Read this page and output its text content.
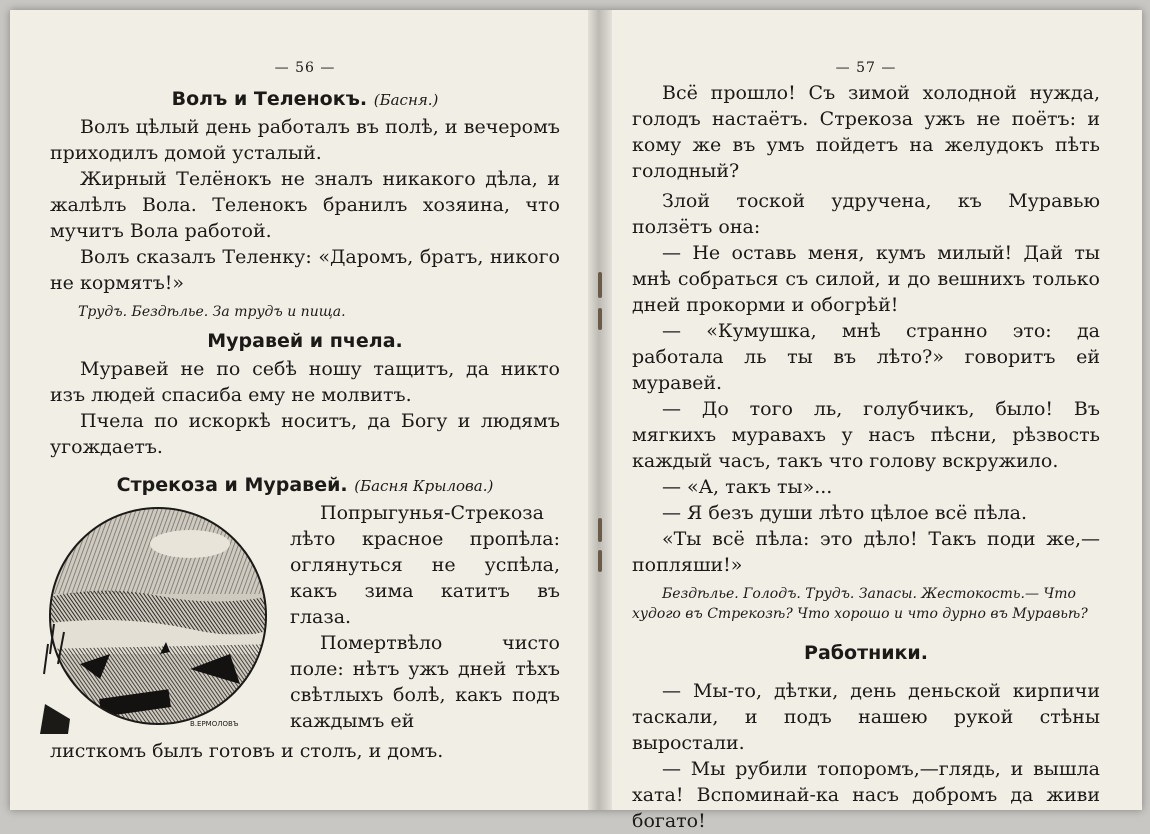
— 56 —
Волъ и Теленокъ. (Басня.)

Волъ цѣлый день работалъ въ полѣ, и вечеромъ приходилъ домой усталый.

Жирный Телёнокъ не зналъ никакого дѣла, и жалѣлъ Вола. Теленокъ бранилъ хозяина, что мучитъ Вола работой.

Волъ сказалъ Теленку: «Даромъ, братъ, никого не кормятъ!»

Трудъ. Бездѣлье. За трудъ и пища.
Муравей и пчела.

Муравей не по себѣ ношу тащитъ, да никто изъ людей спасиба ему не молвитъ.

Пчела по искоркѣ носитъ, да Богу и людямъ угождаетъ.

Стрекоза и Муравей. (Басня Крылова.)
В.ЕРМОЛОВЪ

Попрыгунья-Стрекоза лѣто красное пропѣла: оглянуться не успѣла, какъ зима катитъ въ глаза.

Помертвѣло чисто поле: нѣтъ ужъ дней тѣхъ свѣтлыхъ болѣ, какъ подъ каждымъ ей

листкомъ былъ готовъ и столъ, и домъ.

— 57 —

Всё прошло! Съ зимой холодной нужда, голодъ настаётъ. Стрекоза ужъ не поётъ: и кому же въ умъ пойдетъ на желудокъ пѣть голодный?

Злой тоской удручена, къ Муравью ползётъ она:

— Не оставь меня, кумъ милый! Дай ты мнѣ собраться съ силой, и до вешнихъ только дней прокорми и обогрѣй!

— «Кумушка, мнѣ странно это: да работала ль ты въ лѣто?» говоритъ ей муравей.

— До того ль, голубчикъ, было! Въ мягкихъ муравахъ у насъ пѣсни, рѣзвость каждый часъ, такъ что голову вскружило.

— «А, такъ ты»...

— Я безъ души лѣто цѣлое всё пѣла.

«Ты всё пѣла: это дѣло! Такъ поди же,—попляши!»

Бездѣлье. Голодъ. Трудъ. Запасы. Жестокость.— Что худого въ Стрекозѣ? Что хорошо и что дурно въ Муравьѣ?
Работники.

— Мы-то, дѣтки, день деньской кирпичи таскали, и подъ нашею рукой стѣны выростали.

— Мы рубили топоромъ,—глядь, и вышла хата! Вспоминай-ка насъ добромъ да живи богато!
